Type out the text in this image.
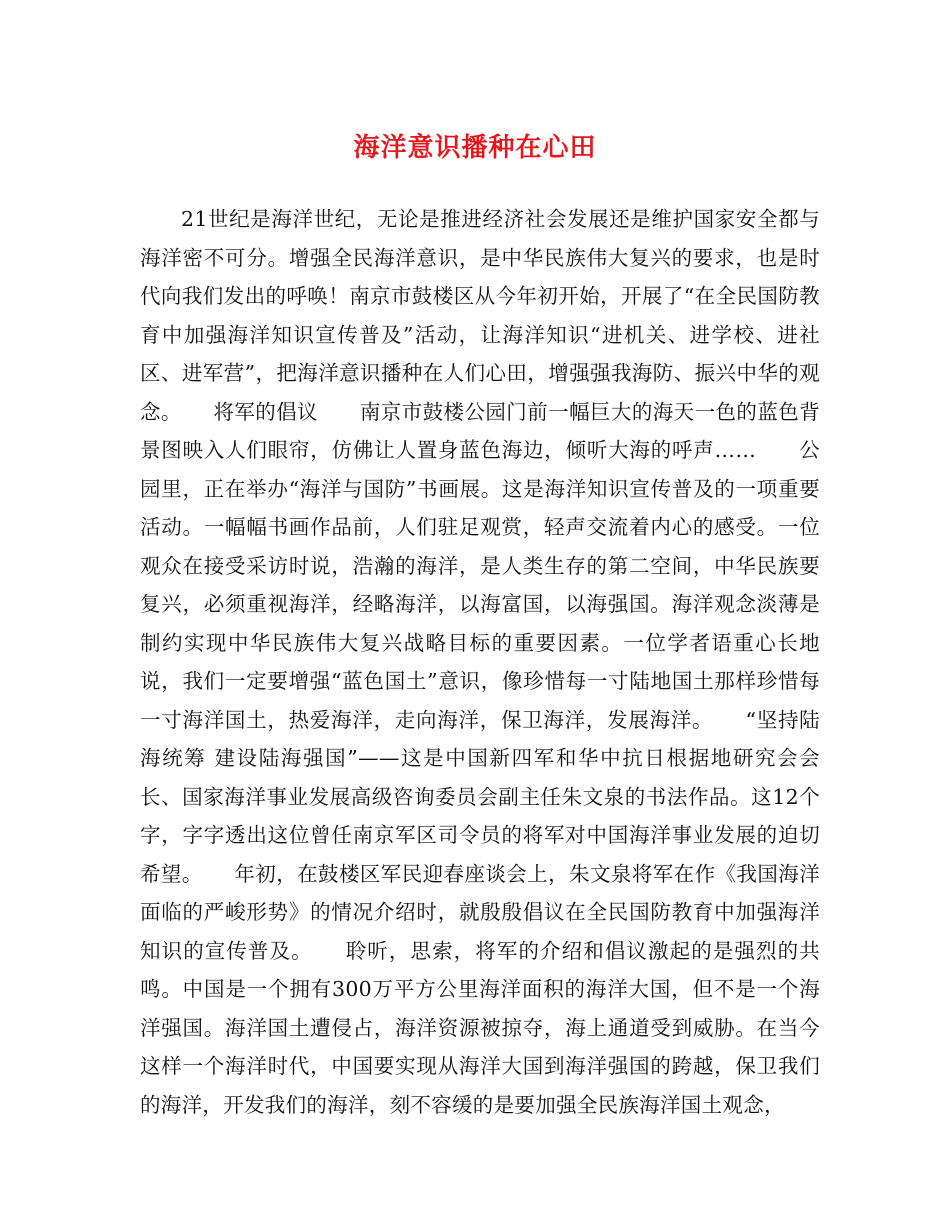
海洋意识播种在心田

21世纪是海洋世纪，无论是推进经济社会发展还是维护国家安全都与海洋密不可分。增强全民海洋意识，是中华民族伟大复兴的要求，也是时代向我们发出的呼唤！南京市鼓楼区从今年初开始，开展了“在全民国防教育中加强海洋知识宣传普及”活动，让海洋知识“进机关、进学校、进社区、进军营”，把海洋意识播种在人们心田，增强强我海防、振兴中华的观念。　　将军的倡议　　南京市鼓楼公园门前一幅巨大的海天一色的蓝色背景图映入人们眼帘，仿佛让人置身蓝色海边，倾听大海的呼声……　　公园里，正在举办“海洋与国防”书画展。这是海洋知识宣传普及的一项重要活动。一幅幅书画作品前，人们驻足观赏，轻声交流着内心的感受。一位观众在接受采访时说，浩瀚的海洋，是人类生存的第二空间，中华民族要复兴，必须重视海洋，经略海洋，以海富国，以海强国。海洋观念淡薄是制约实现中华民族伟大复兴战略目标的重要因素。一位学者语重心长地说，我们一定要增强“蓝色国土”意识，像珍惜每一寸陆地国土那样珍惜每一寸海洋国土，热爱海洋，走向海洋，保卫海洋，发展海洋。　　“坚持陆海统筹 建设陆海强国”——这是中国新四军和华中抗日根据地研究会会长、国家海洋事业发展高级咨询委员会副主任朱文泉的书法作品。这12个字，字字透出这位曾任南京军区司令员的将军对中国海洋事业发展的迫切希望。　　年初，在鼓楼区军民迎春座谈会上，朱文泉将军在作《我国海洋面临的严峻形势》的情况介绍时，就殷殷倡议在全民国防教育中加强海洋知识的宣传普及。　　聆听，思索，将军的介绍和倡议激起的是强烈的共鸣。中国是一个拥有300万平方公里海洋面积的海洋大国，但不是一个海洋强国。海洋国土遭侵占，海洋资源被掠夺，海上通道受到威胁。在当今这样一个海洋时代，中国要实现从海洋大国到海洋强国的跨越，保卫我们的海洋，开发我们的海洋，刻不容缓的是要加强全民族海洋国土观念，
